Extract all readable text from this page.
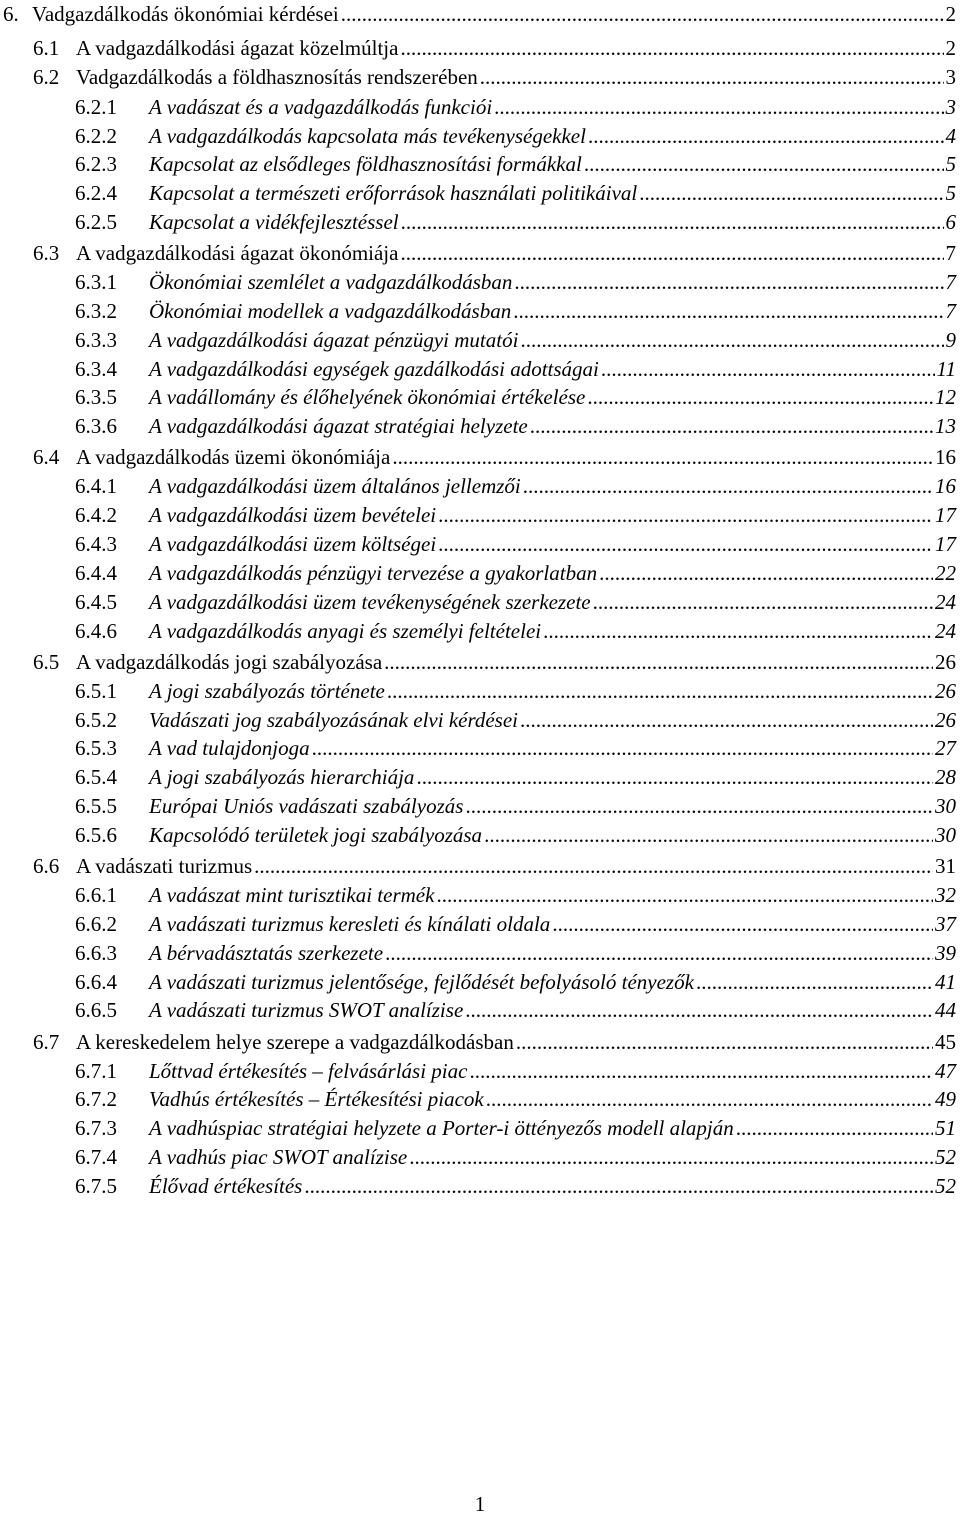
6. Vadgazdálkodás ökonómiai kérdései .....	2
6.1 A vadgazdálkodási ágazat közelmúltja .....	2
6.2 Vadgazdálkodás a földhasznosítás rendszerében .....	3
6.2.1	A vadászat és a vadgazdálkodás funkciói .....	3
6.2.2	A vadgazdálkodás kapcsolata más tevékenységekkel .....	4
6.2.3	Kapcsolat az elsődleges földhasznosítási formákkal .....	5
6.2.4	Kapcsolat a természeti erőforrások használati politikáival .....	5
6.2.5	Kapcsolat a vidékfejlesztéssel .....	6
6.3 A vadgazdálkodási ágazat ökonómiája .....	7
6.3.1	Ökonómiai szemlélet a vadgazdálkodásban .....	7
6.3.2	Ökonómiai modellek a vadgazdálkodásban .....	7
6.3.3	A vadgazdálkodási ágazat pénzügyi mutatói .....	9
6.3.4	A vadgazdálkodási egységek gazdálkodási adottságai .....	11
6.3.5	A vadállomány és élőhelyének ökonómiai értékelése .....	12
6.3.6	A vadgazdálkodási ágazat stratégiai helyzete .....	13
6.4 A vadgazdálkodás üzemi ökonómiája .....	16
6.4.1	A vadgazdálkodási üzem általános jellemzői .....	16
6.4.2	A vadgazdálkodási üzem bevételei .....	17
6.4.3	A vadgazdálkodási üzem költségei .....	17
6.4.4	A vadgazdálkodás pénzügyi tervezése a gyakorlatban .....	22
6.4.5	A vadgazdálkodási üzem tevékenységének szerkezete .....	24
6.4.6	A vadgazdálkodás anyagi és személyi feltételei .....	24
6.5 A vadgazdálkodás jogi szabályozása .....	26
6.5.1	A jogi szabályozás története .....	26
6.5.2	Vadászati jog szabályozásának elvi kérdései .....	26
6.5.3	A vad tulajdonjoga .....	27
6.5.4	A jogi szabályozás hierarchiája .....	28
6.5.5	Európai Uniós vadászati szabályozás .....	30
6.5.6	Kapcsolódó területek jogi szabályozása .....	30
6.6 A vadászati turizmus .....	31
6.6.1	A vadászat mint turisztikai termék .....	32
6.6.2	A vadászati turizmus keresleti és kínálati oldala .....	37
6.6.3	A bérvadásztatás szerkezete .....	39
6.6.4	A vadászati turizmus jelentősége, fejlődését befolyásoló tényezők .....	41
6.6.5	A vadászati turizmus SWOT analízise .....	44
6.7 A kereskedelem helye szerepe a vadgazdálkodásban .....	45
6.7.1	Lőttvad értékesítés – felvásárlási piac .....	47
6.7.2	Vadhús értékesítés – Értékesítési piacok .....	49
6.7.3	A vadhúspiac stratégiai helyzete a Porter-i öttényezős modell alapján .....	51
6.7.4	A vadhús piac SWOT analízise .....	52
6.7.5	Élővad értékesítés .....	52
1
